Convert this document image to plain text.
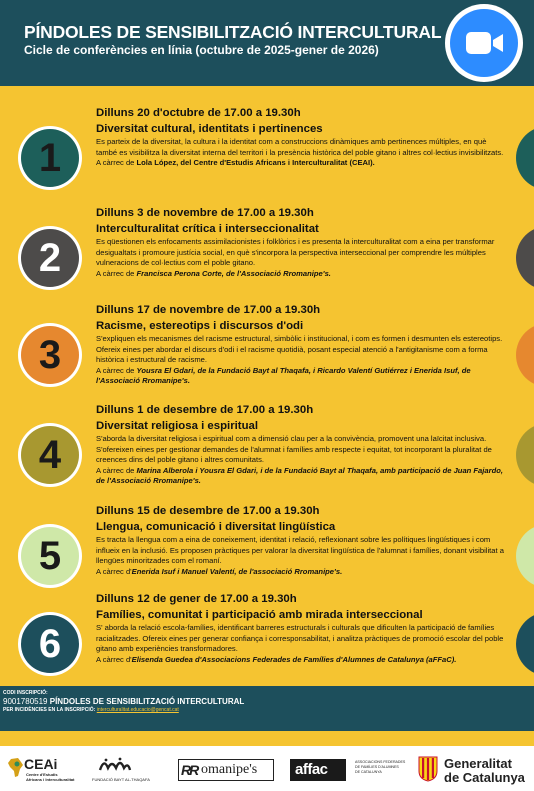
PÍNDOLES DE SENSIBILITZACIÓ INTERCULTURAL
Cicle de conferències en línia (octubre de 2025-gener de 2026)
1
Dilluns 20 d'octubre de 17.00 a 19.30h
Diversitat cultural, identitats i pertinences
Es parteix de la diversitat, la cultura i la identitat com a construccions dinàmiques amb pertinences múltiples, en què també es visibilitza la diversitat interna del territori i la presència històrica del poble gitano i altres col·lectius invisibilitzats.
A càrrec de Lola López, del Centre d'Estudis Africans i Interculturalitat (CEAI).
2
Dilluns 3 de novembre de 17.00 a 19.30h
Interculturalitat crítica i interseccionalitat
Es qüestionen els enfocaments assimilacionistes i folklòrics i es presenta la interculturalitat com a eina per transformar desigualtats i promoure justícia social, en què s'incorpora la perspectiva interseccional per comprendre les múltiples vulneracions de col·lectius com el poble gitano.
A càrrec de Francisca Perona Corte, de l'Associació Rromanipe's.
3
Dilluns 17 de novembre de 17.00 a 19.30h
Racisme, estereotips i discursos d'odi
S'expliquen els mecanismes del racisme estructural, simbòlic i institucional, i com es formen i desmunten els estereotips. Ofereix eines per abordar el discurs d'odi i el racisme quotidià, posant especial atenció a l'antigitanisme com a forma històrica i estructural de racisme.
A càrrec de Yousra El Gdari, de la Fundació Bayt al Thaqafa, i Ricardo Valentí Gutiérrez i Enerida Isuf, de l'Associació Rromanipe's.
4
Dilluns 1 de desembre de 17.00 a 19.30h
Diversitat religiosa i espiritual
S'aborda la diversitat religiosa i espiritual com a dimensió clau per a la convivència, promovent una laïcitat inclusiva. S'ofereixen eines per gestionar demandes de l'alumnat i famílies amb respecte i equitat, tot incorporant la pluralitat de creences dins del poble gitano i altres comunitats.
A càrrec de Marina Alberola i Yousra El Gdari, i de la Fundació Bayt al Thaqafa, amb participació de Juan Fajardo, de l'Associació Rromanipe's.
5
Dilluns 15 de desembre de 17.00 a 19.30h
Llengua, comunicació i diversitat lingüística
Es tracta la llengua com a eina de coneixement, identitat i relació, reflexionant sobre les polítiques lingüístiques i com influeix en la inclusió. Es proposen pràctiques per valorar la diversitat lingüística de l'alumnat i famílies, donant visibilitat a llengües minoritzades com el romaní.
A càrrec d'Enerida Isuf i Manuel Valentí, de l'associació Rromanipe's.
6
Dilluns 12 de gener de 17.00 a 19.30h
Famílies, comunitat i participació amb mirada interseccional
S' aborda la relació escola-famílies, identificant barreres estructurals i culturals que dificulten la participació de famílies racialitzades. Ofereix eines per generar confiança i corresponsabilitat, i analitza pràctiques de promoció escolar del poble gitano amb experiències transformadores.
A càrrec d'Elisenda Guedea d'Associacions Federades de Famílies d'Alumnes de Catalunya (aFFaC).
CODI INSCRIPCIÓ:
9001780519 PÍNDOLES DE SENSIBILITZACIÓ INTERCULTURAL
PER INCIDÈNCIES EN LA INSCRIPCIÓ: interculturalitat.educacio@gencat.cat
CEAi
Centre d'Estudis
Africans i Interculturalitat	FUNDACIÓ BAYT AL-THAQAFA
RR omanipe's	affac	ASSOCIACIONS FEDERADES
DE FAMÍLIES D'ALUMNES
DE CATALUNYA
Generalitat
de Catalunya
